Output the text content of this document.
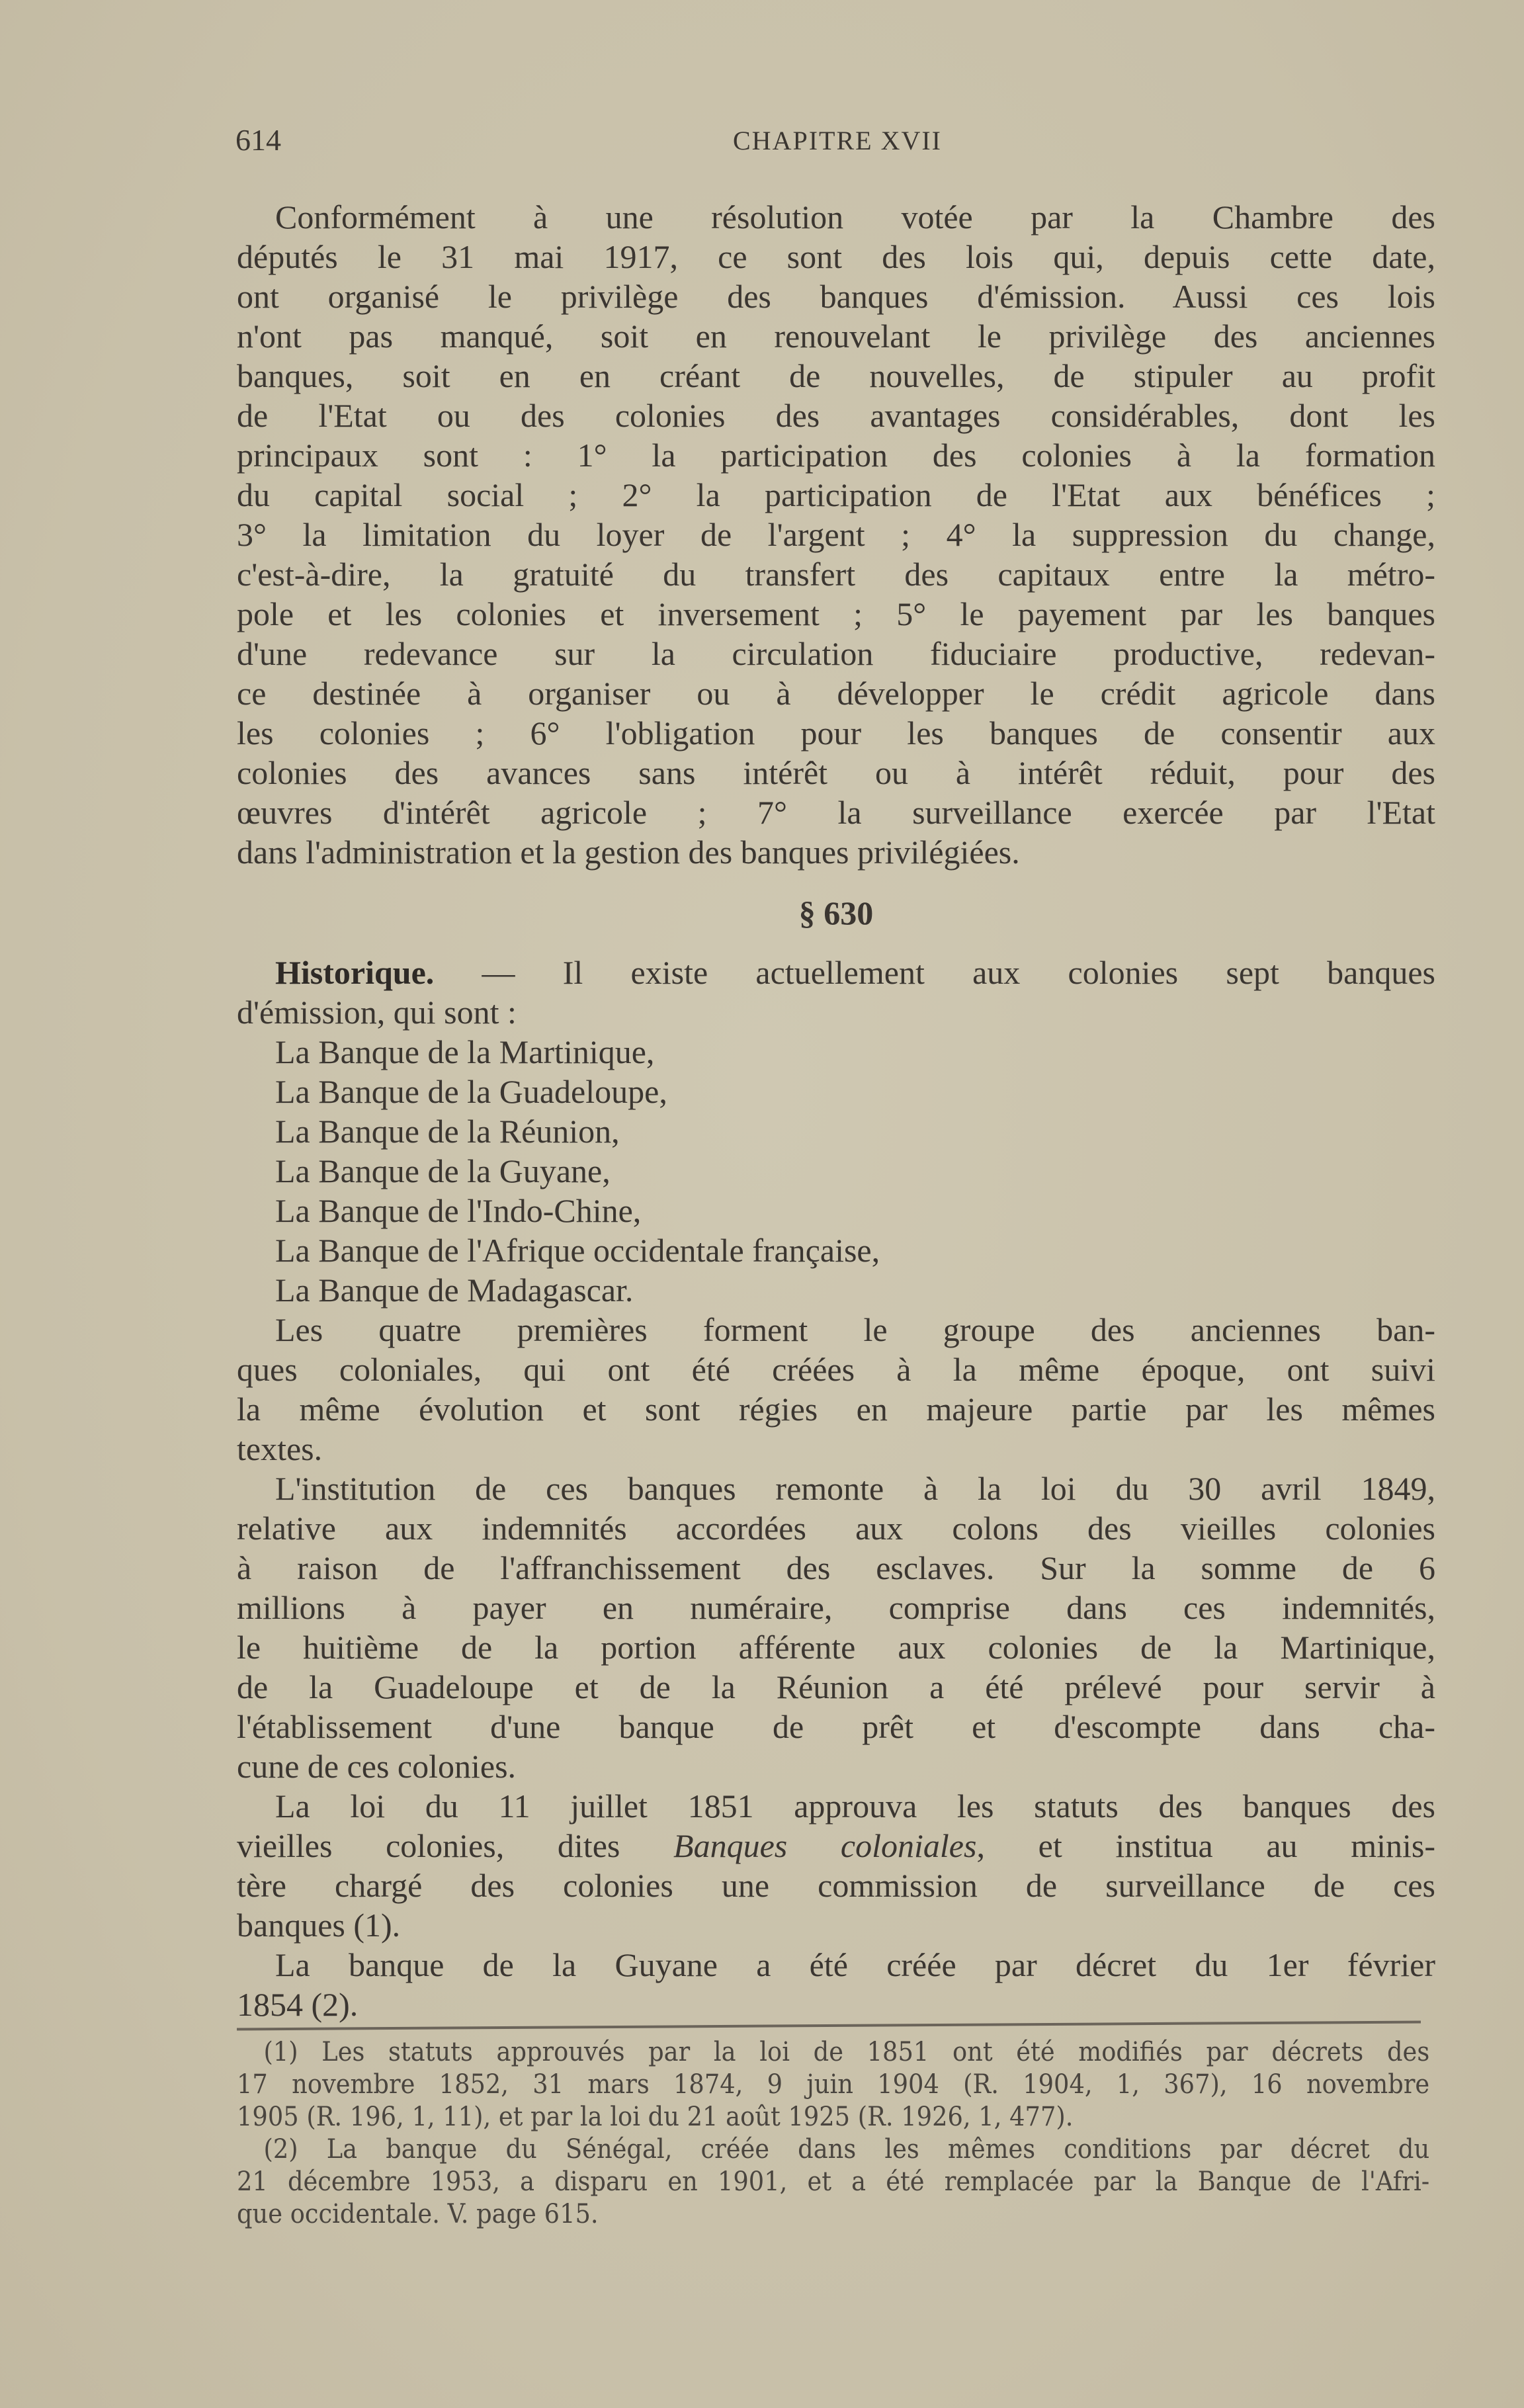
614	CHAPITRE XVII
Conformément à une résolution votée par la Chambre des
députés le 31 mai 1917, ce sont des lois qui, depuis cette date,
ont organisé le privilège des banques d'émission. Aussi ces lois
n'ont pas manqué, soit en renouvelant le privilège des anciennes
banques, soit en en créant de nouvelles, de stipuler au profit
de l'Etat ou des colonies des avantages considérables, dont les
principaux sont : 1° la participation des colonies à la formation
du capital social ; 2° la participation de l'Etat aux bénéfices ;
3° la limitation du loyer de l'argent ; 4° la suppression du change,
c'est-à-dire, la gratuité du transfert des capitaux entre la métro-
pole et les colonies et inversement ; 5° le payement par les banques
d'une redevance sur la circulation fiduciaire productive, redevan-
ce destinée à organiser ou à développer le crédit agricole dans
les colonies ; 6° l'obligation pour les banques de consentir aux
colonies des avances sans intérêt ou à intérêt réduit, pour des
œuvres d'intérêt agricole ; 7° la surveillance exercée par l'Etat
dans l'administration et la gestion des banques privilégiées.
§ 630
Historique. — Il existe actuellement aux colonies sept banques
d'émission, qui sont :
La Banque de la Martinique,
La Banque de la Guadeloupe,
La Banque de la Réunion,
La Banque de la Guyane,
La Banque de l'Indo-Chine,
La Banque de l'Afrique occidentale française,
La Banque de Madagascar.
Les quatre premières forment le groupe des anciennes ban-
ques coloniales, qui ont été créées à la même époque, ont suivi
la même évolution et sont régies en majeure partie par les mêmes
textes.
L'institution de ces banques remonte à la loi du 30 avril 1849,
relative aux indemnités accordées aux colons des vieilles colonies
à raison de l'affranchissement des esclaves. Sur la somme de 6
millions à payer en numéraire, comprise dans ces indemnités,
le huitième de la portion afférente aux colonies de la Martinique,
de la Guadeloupe et de la Réunion a été prélevé pour servir à
l'établissement d'une banque de prêt et d'escompte dans cha-
cune de ces colonies.
La loi du 11 juillet 1851 approuva les statuts des banques des
vieilles colonies, dites Banques coloniales, et institua au minis-
tère chargé des colonies une commission de surveillance de ces
banques (1).
La banque de la Guyane a été créée par décret du 1er février
1854 (2).
(1) Les statuts approuvés par la loi de 1851 ont été modifiés par décrets des
17 novembre 1852, 31 mars 1874, 9 juin 1904 (R. 1904, 1, 367), 16 novembre
1905 (R. 196, 1, 11), et par la loi du 21 août 1925 (R. 1926, 1, 477).
(2) La banque du Sénégal, créée dans les mêmes conditions par décret du
21 décembre 1953, a disparu en 1901, et a été remplacée par la Banque de l'Afri-
que occidentale. V. page 615.
